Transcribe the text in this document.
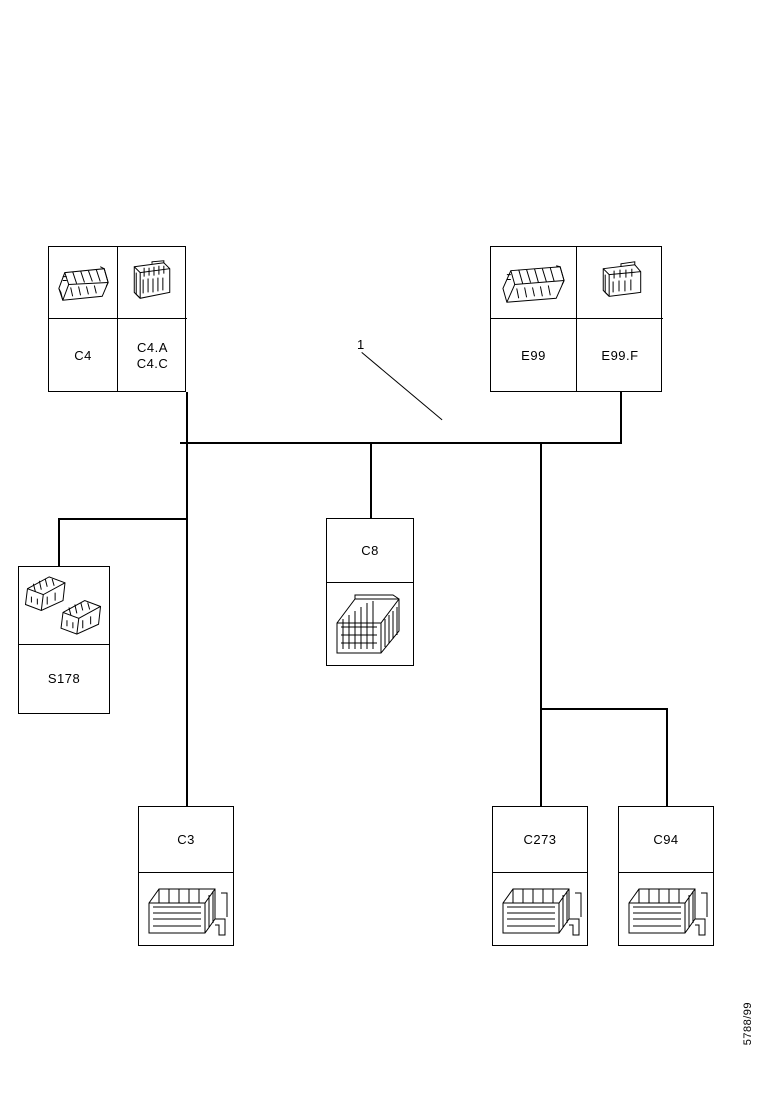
1
C4
C4.A
C4.C
E99	E99.F
S178
C8
C3	C273	C94
5788/99
